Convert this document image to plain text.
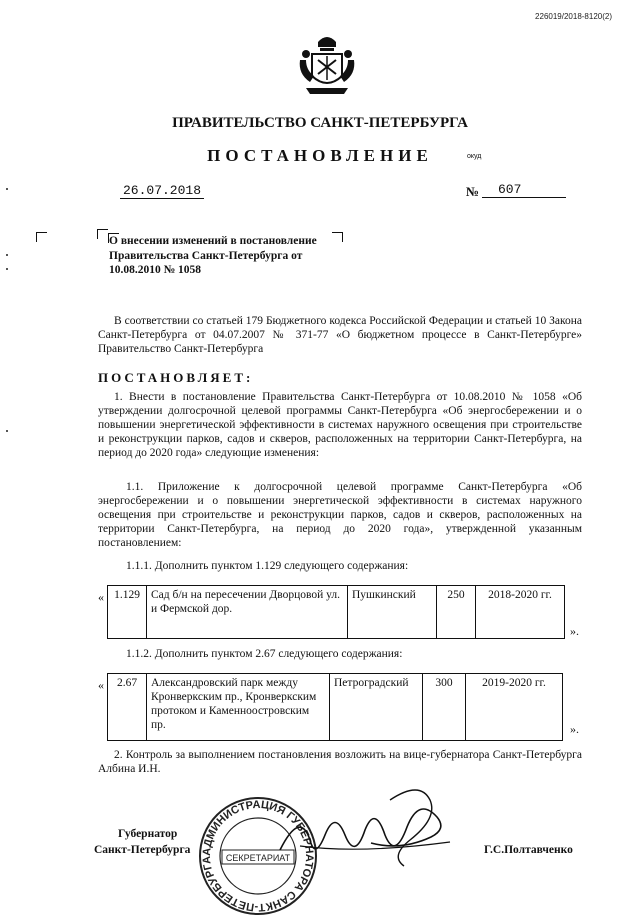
226019/2018-8120(2)
ПРАВИТЕЛЬСТВО САНКТ-ПЕТЕРБУРГА
ПОСТАНОВЛЕНИЕ	окуд
26.07.2018	№	607
О внесении изменений в постановление Правительства Санкт-Петербурга от 10.08.2010 № 1058
В соответствии со статьей 179 Бюджетного кодекса Российской Федерации и статьей 10 Закона Санкт-Петербурга от 04.07.2007 № 371-77 «О бюджетном процессе в Санкт-Петербурге» Правительство Санкт-Петербурга
ПОСТАНОВЛЯЕТ:
1. Внести в постановление Правительства Санкт-Петербурга от 10.08.2010 № 1058 «Об утверждении долгосрочной целевой программы Санкт-Петербурга «Об энергосбережении и о повышении энергетической эффективности в системах наружного освещения при строительстве и реконструкции парков, садов и скверов, расположенных на территории Санкт-Петербурга, на период до 2020 года» следующие изменения:
1.1. Приложение к долгосрочной целевой программе Санкт-Петербурга «Об энергосбережении и о повышении энергетической эффективности в системах наружного освещения при строительстве и реконструкции парков, садов и скверов, расположенных на территории Санкт-Петербурга, на период до 2020 года», утвержденной указанным постановлением:
1.1.1. Дополнить пунктом 1.129 следующего содержания:
« 1.129	Сад б/н на пересечении Дворцовой ул. и Фермской дор.	Пушкинский	250	2018-2020 гг.
».
1.1.2. Дополнить пунктом 2.67 следующего содержания:
« 2.67	Александровский парк между Кронверкским пр., Кронверкским протоком и Каменноостровским пр.	Петроградский	300	2019-2020 гг.
».
2. Контроль за выполнением постановления возложить на вице-губернатора Санкт-Петербурга Албина И.Н.
АДМИНИСТРАЦИЯ ГУБЕРНАТОРА САНКТ-ПЕТЕРБУРГА	СЕКРЕТАРИАТ
Губернатор
Санкт-Петербурга	Г.С.Полтавченко
